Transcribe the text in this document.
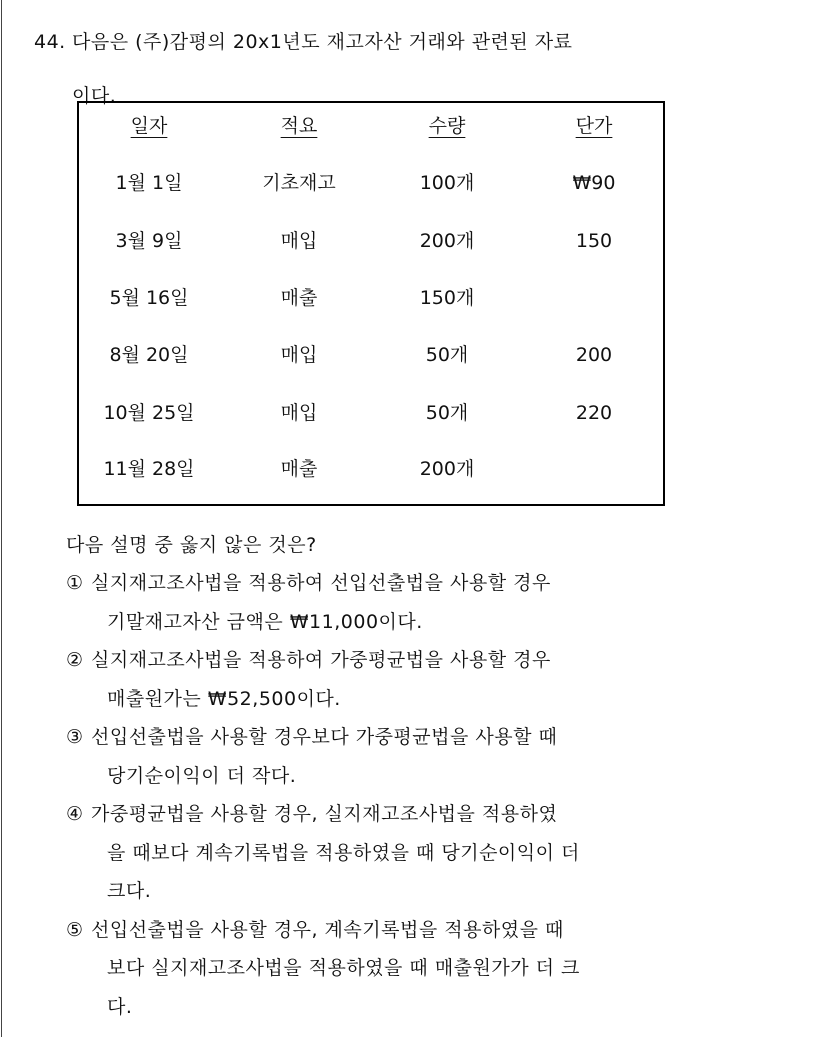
44. 다음은 (주)감평의 20x1년도 재고자산 거래와 관련된 자료
이다.
일자	적요	수량	단가
1월 1일	기초재고	100개	₩90
3월 9일	매입	200개	150
5월 16일	매출	150개
8월 20일	매입	50개	200
10월 25일	매입	50개	220
11월 28일	매출	200개
다음 설명 중 옳지 않은 것은?
① 실지재고조사법을 적용하여 선입선출법을 사용할 경우
기말재고자산 금액은 ₩11,000이다.
② 실지재고조사법을 적용하여 가중평균법을 사용할 경우
매출원가는 ₩52,500이다.
③ 선입선출법을 사용할 경우보다 가중평균법을 사용할 때
당기순이익이 더 작다.
④ 가중평균법을 사용할 경우, 실지재고조사법을 적용하였
을 때보다 계속기록법을 적용하였을 때 당기순이익이 더
크다.
⑤ 선입선출법을 사용할 경우, 계속기록법을 적용하였을 때
보다 실지재고조사법을 적용하였을 때 매출원가가 더 크
다.
